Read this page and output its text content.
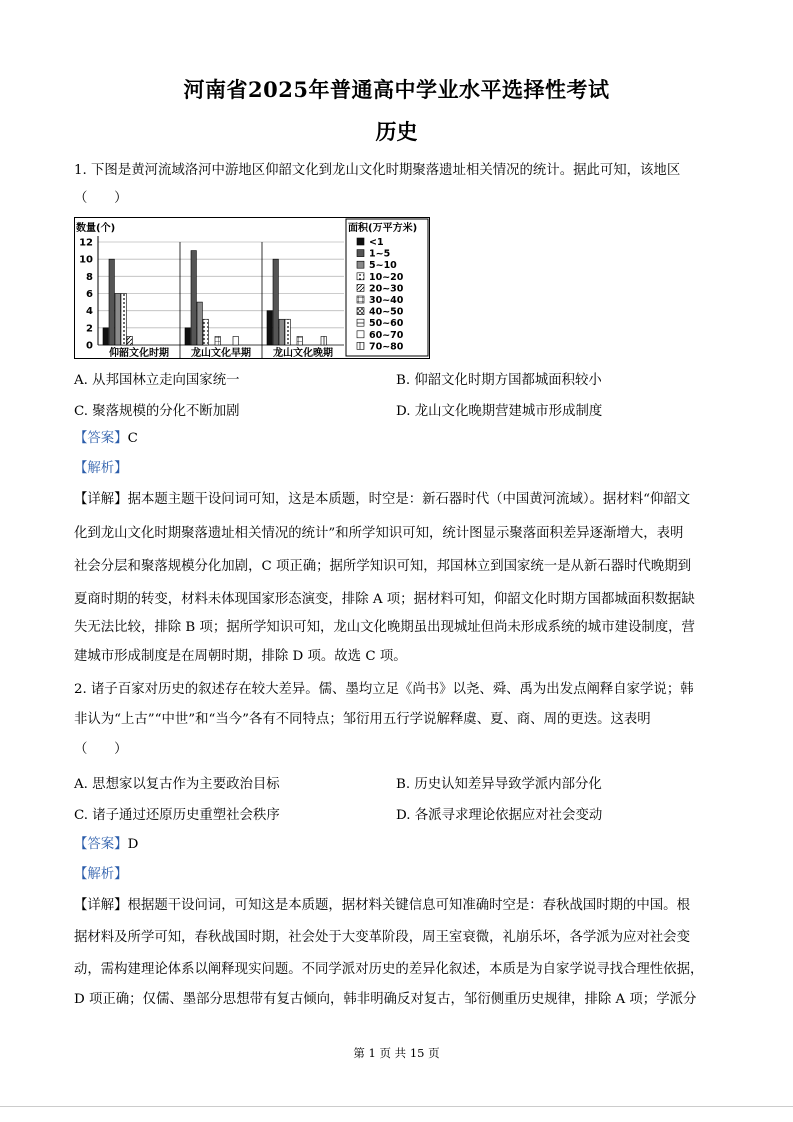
河南省2025年普通高中学业水平选择性考试
历史
1. 下图是黄河流域洛河中游地区仰韶文化到龙山文化时期聚落遗址相关情况的统计。据此可知，该地区
（　　）
数量(个)
0
2
4
6
8
10
12
仰韶文化时期 龙山文化早期 龙山文化晚期
面积(万平方米)
<1
1~5
5~10
10~20
20~30
30~40
40~50
50~60
60~70
70~80
A. 从邦国林立走向国家统一	B. 仰韶文化时期方国都城面积较小
C. 聚落规模的分化不断加剧	D. 龙山文化晚期营建城市形成制度
【答案】C
【解析】
【详解】据本题主题干设问词可知，这是本质题，时空是：新石器时代（中国黄河流域）。据材料“仰韶文
化到龙山文化时期聚落遗址相关情况的统计”和所学知识可知，统计图显示聚落面积差异逐渐增大，表明
社会分层和聚落规模分化加剧，C 项正确；据所学知识可知，邦国林立到国家统一是从新石器时代晚期到
夏商时期的转变，材料未体现国家形态演变，排除 A 项；据材料可知，仰韶文化时期方国都城面积数据缺
失无法比较，排除 B 项；据所学知识可知，龙山文化晚期虽出现城址但尚未形成系统的城市建设制度，营
建城市形成制度是在周朝时期，排除 D 项。故选 C 项。
2. 诸子百家对历史的叙述存在较大差异。儒、墨均立足《尚书》以尧、舜、禹为出发点阐释自家学说；韩
非认为“上古”“中世”和“当今”各有不同特点；邹衍用五行学说解释虞、夏、商、周的更迭。这表明
（　　）
A. 思想家以复古作为主要政治目标	B. 历史认知差异导致学派内部分化
C. 诸子通过还原历史重塑社会秩序	D. 各派寻求理论依据应对社会变动
【答案】D
【解析】
【详解】根据题干设问词，可知这是本质题，据材料关键信息可知准确时空是：春秋战国时期的中国。根
据材料及所学可知，春秋战国时期，社会处于大变革阶段，周王室衰微，礼崩乐坏，各学派为应对社会变
动，需构建理论体系以阐释现实问题。不同学派对历史的差异化叙述，本质是为自家学说寻找合理性依据，
D 项正确；仅儒、墨部分思想带有复古倾向，韩非明确反对复古，邹衍侧重历史规律，排除 A 项；学派分
第 1 页 共 15 页
